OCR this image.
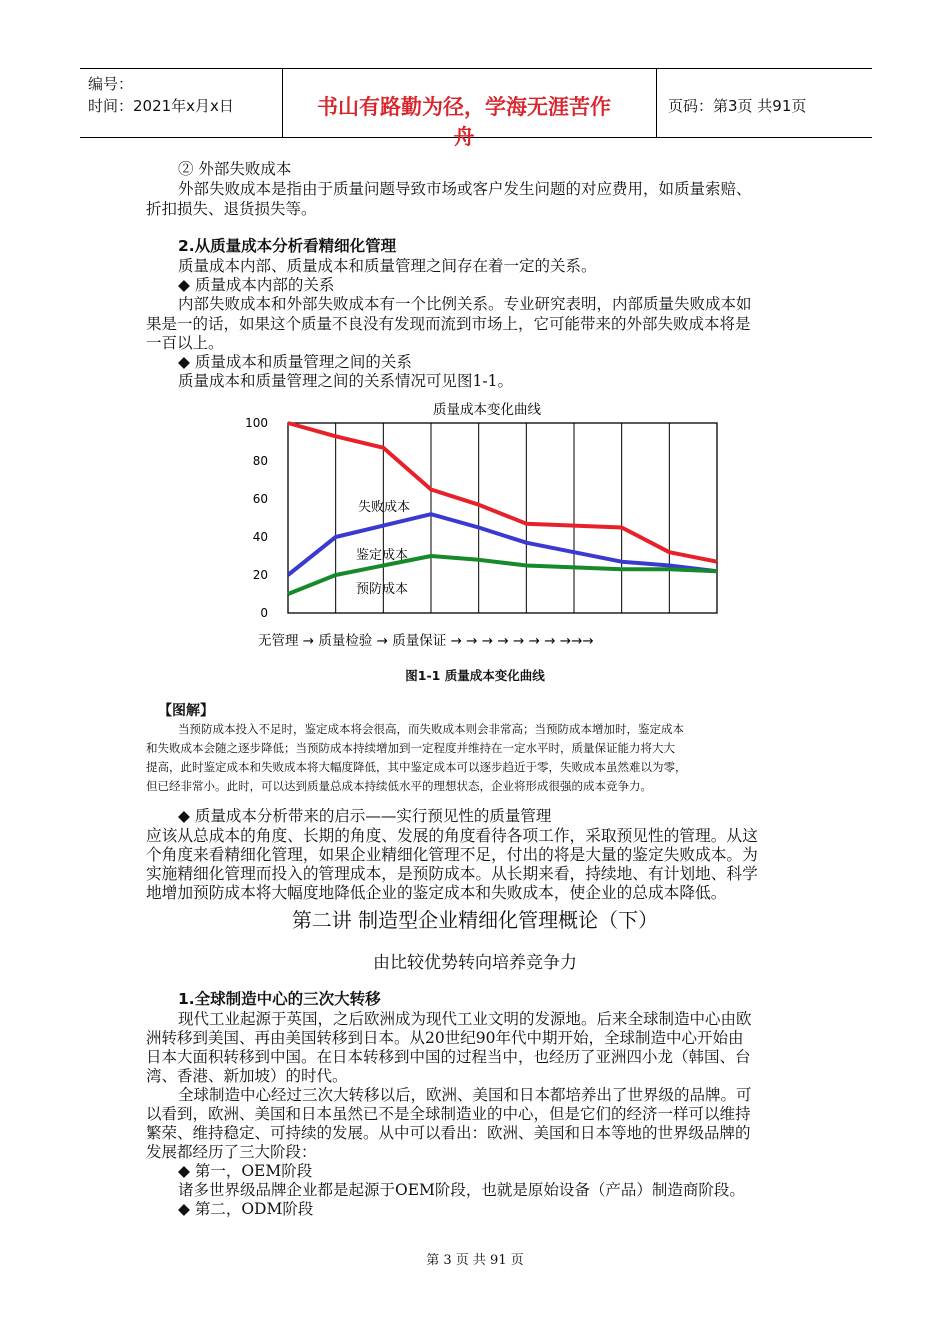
编号：
时间：2021年x月x日	书山有路勤为径，学海无涯苦作舟
页码：第3页 共91页
② 外部失败成本
外部失败成本是指由于质量问题导致市场或客户发生问题的对应费用，如质量索赔、
折扣损失、退货损失等。
2.从质量成本分析看精细化管理
质量成本内部、质量成本和质量管理之间存在着一定的关系。
◆ 质量成本内部的关系
内部失败成本和外部失败成本有一个比例关系。专业研究表明，内部质量失败成本如
果是一的话，如果这个质量不良没有发现而流到市场上，它可能带来的外部失败成本将是
一百以上。
◆ 质量成本和质量管理之间的关系
质量成本和质量管理之间的关系情况可见图1-1。
质量成本变化曲线
100
80
60
40
20
0
失败成本
鉴定成本
预防成本
无管理 → 质量检验 → 质量保证 → → → → → → → →→→
图1-1 质量成本变化曲线
【图解】
当预防成本投入不足时，鉴定成本将会很高，而失败成本则会非常高；当预防成本增加时，鉴定成本
和失败成本会随之逐步降低；当预防成本持续增加到一定程度并维持在一定水平时，质量保证能力将大大
提高，此时鉴定成本和失败成本将大幅度降低，其中鉴定成本可以逐步趋近于零，失败成本虽然难以为零，
但已经非常小。此时，可以达到质量总成本持续低水平的理想状态，企业将形成很强的成本竞争力。
◆ 质量成本分析带来的启示——实行预见性的质量管理
应该从总成本的角度、长期的角度、发展的角度看待各项工作，采取预见性的管理。从这
个角度来看精细化管理，如果企业精细化管理不足，付出的将是大量的鉴定失败成本。为
实施精细化管理而投入的管理成本，是预防成本。从长期来看，持续地、有计划地、科学
地增加预防成本将大幅度地降低企业的鉴定成本和失败成本，使企业的总成本降低。
第二讲 制造型企业精细化管理概论（下）
由比较优势转向培养竞争力
1.全球制造中心的三次大转移
现代工业起源于英国，之后欧洲成为现代工业文明的发源地。后来全球制造中心由欧
洲转移到美国、再由美国转移到日本。从20世纪90年代中期开始，全球制造中心开始由
日本大面积转移到中国。在日本转移到中国的过程当中，也经历了亚洲四小龙（韩国、台
湾、香港、新加坡）的时代。
全球制造中心经过三次大转移以后，欧洲、美国和日本都培养出了世界级的品牌。可
以看到，欧洲、美国和日本虽然已不是全球制造业的中心，但是它们的经济一样可以维持
繁荣、维持稳定、可持续的发展。从中可以看出：欧洲、美国和日本等地的世界级品牌的
发展都经历了三大阶段：
◆ 第一，OEM阶段
诸多世界级品牌企业都是起源于OEM阶段，也就是原始设备（产品）制造商阶段。
◆ 第二，ODM阶段
第 3 页 共 91 页
